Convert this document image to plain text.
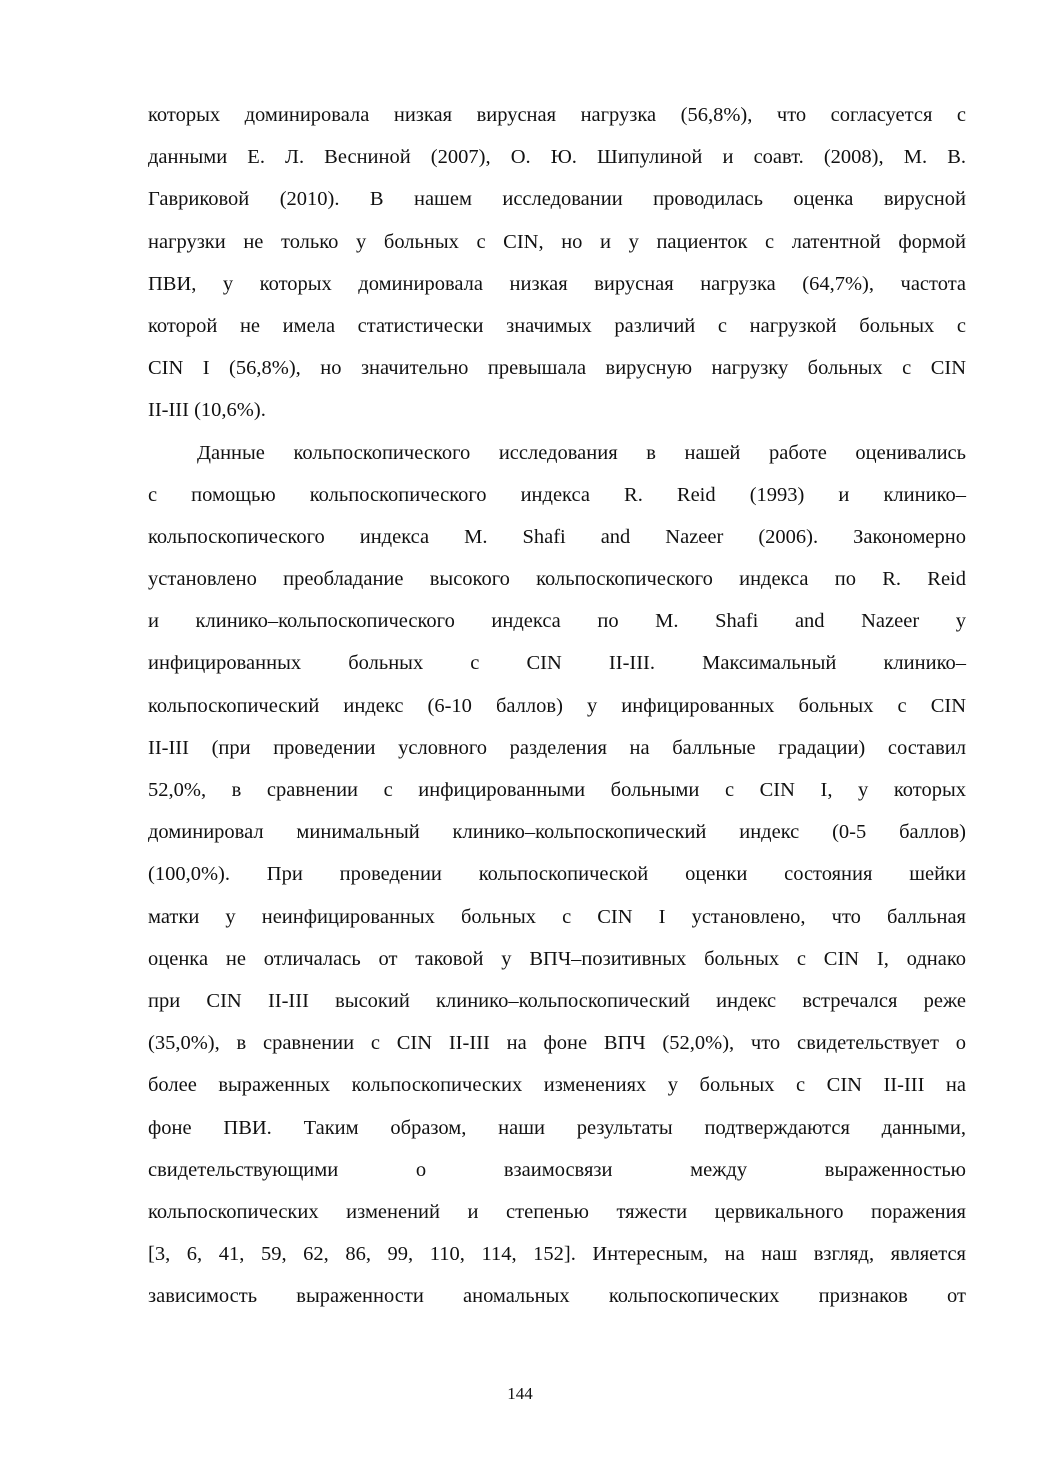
которых доминировала низкая вирусная нагрузка (56,8%), что согласуется с
данными Е. Л. Весниной (2007), О. Ю. Шипулиной и соавт. (2008), М. В.
Гавриковой (2010). В нашем исследовании проводилась оценка вирусной
нагрузки не только у больных с CIN, но и у пациенток с латентной формой
ПВИ, у которых доминировала низкая вирусная нагрузка (64,7%), частота
которой не имела статистически значимых различий с нагрузкой больных с
CIN I (56,8%), но значительно превышала вирусную нагрузку больных с CIN
II-III (10,6%).
Данные кольпоскопического исследования в нашей работе оценивались
с помощью кольпоскопического индекса R. Reid (1993) и клинико–
кольпоскопического индекса M. Shafi and Nazeer (2006). Закономерно
установлено преобладание высокого кольпоскопического индекса по R. Reid
и клинико–кольпоскопического индекса по M. Shafi and Nazeer у
инфицированных больных с CIN II-III. Максимальный клинико–
кольпоскопический индекс (6-10 баллов) у инфицированных больных с CIN
II-III (при проведении условного разделения на балльные градации) составил
52,0%, в сравнении с инфицированными больными с CIN I, у которых
доминировал минимальный клинико–кольпоскопический индекс (0-5 баллов)
(100,0%). При проведении кольпоскопической оценки состояния шейки
матки у неинфицированных больных с CIN I установлено, что балльная
оценка не отличалась от таковой у ВПЧ–позитивных больных с CIN I, однако
при CIN II-III высокий клинико–кольпоскопический индекс встречался реже
(35,0%), в сравнении с CIN II-III на фоне ВПЧ (52,0%), что свидетельствует о
более выраженных кольпоскопических изменениях у больных с CIN II-III на
фоне ПВИ. Таким образом, наши результаты подтверждаются данными,
свидетельствующими о взаимосвязи между выраженностью
кольпоскопических изменений и степенью тяжести цервикального поражения
[3, 6, 41, 59, 62, 86, 99, 110, 114, 152]. Интересным, на наш взгляд, является
зависимость выраженности аномальных кольпоскопических признаков от
144
